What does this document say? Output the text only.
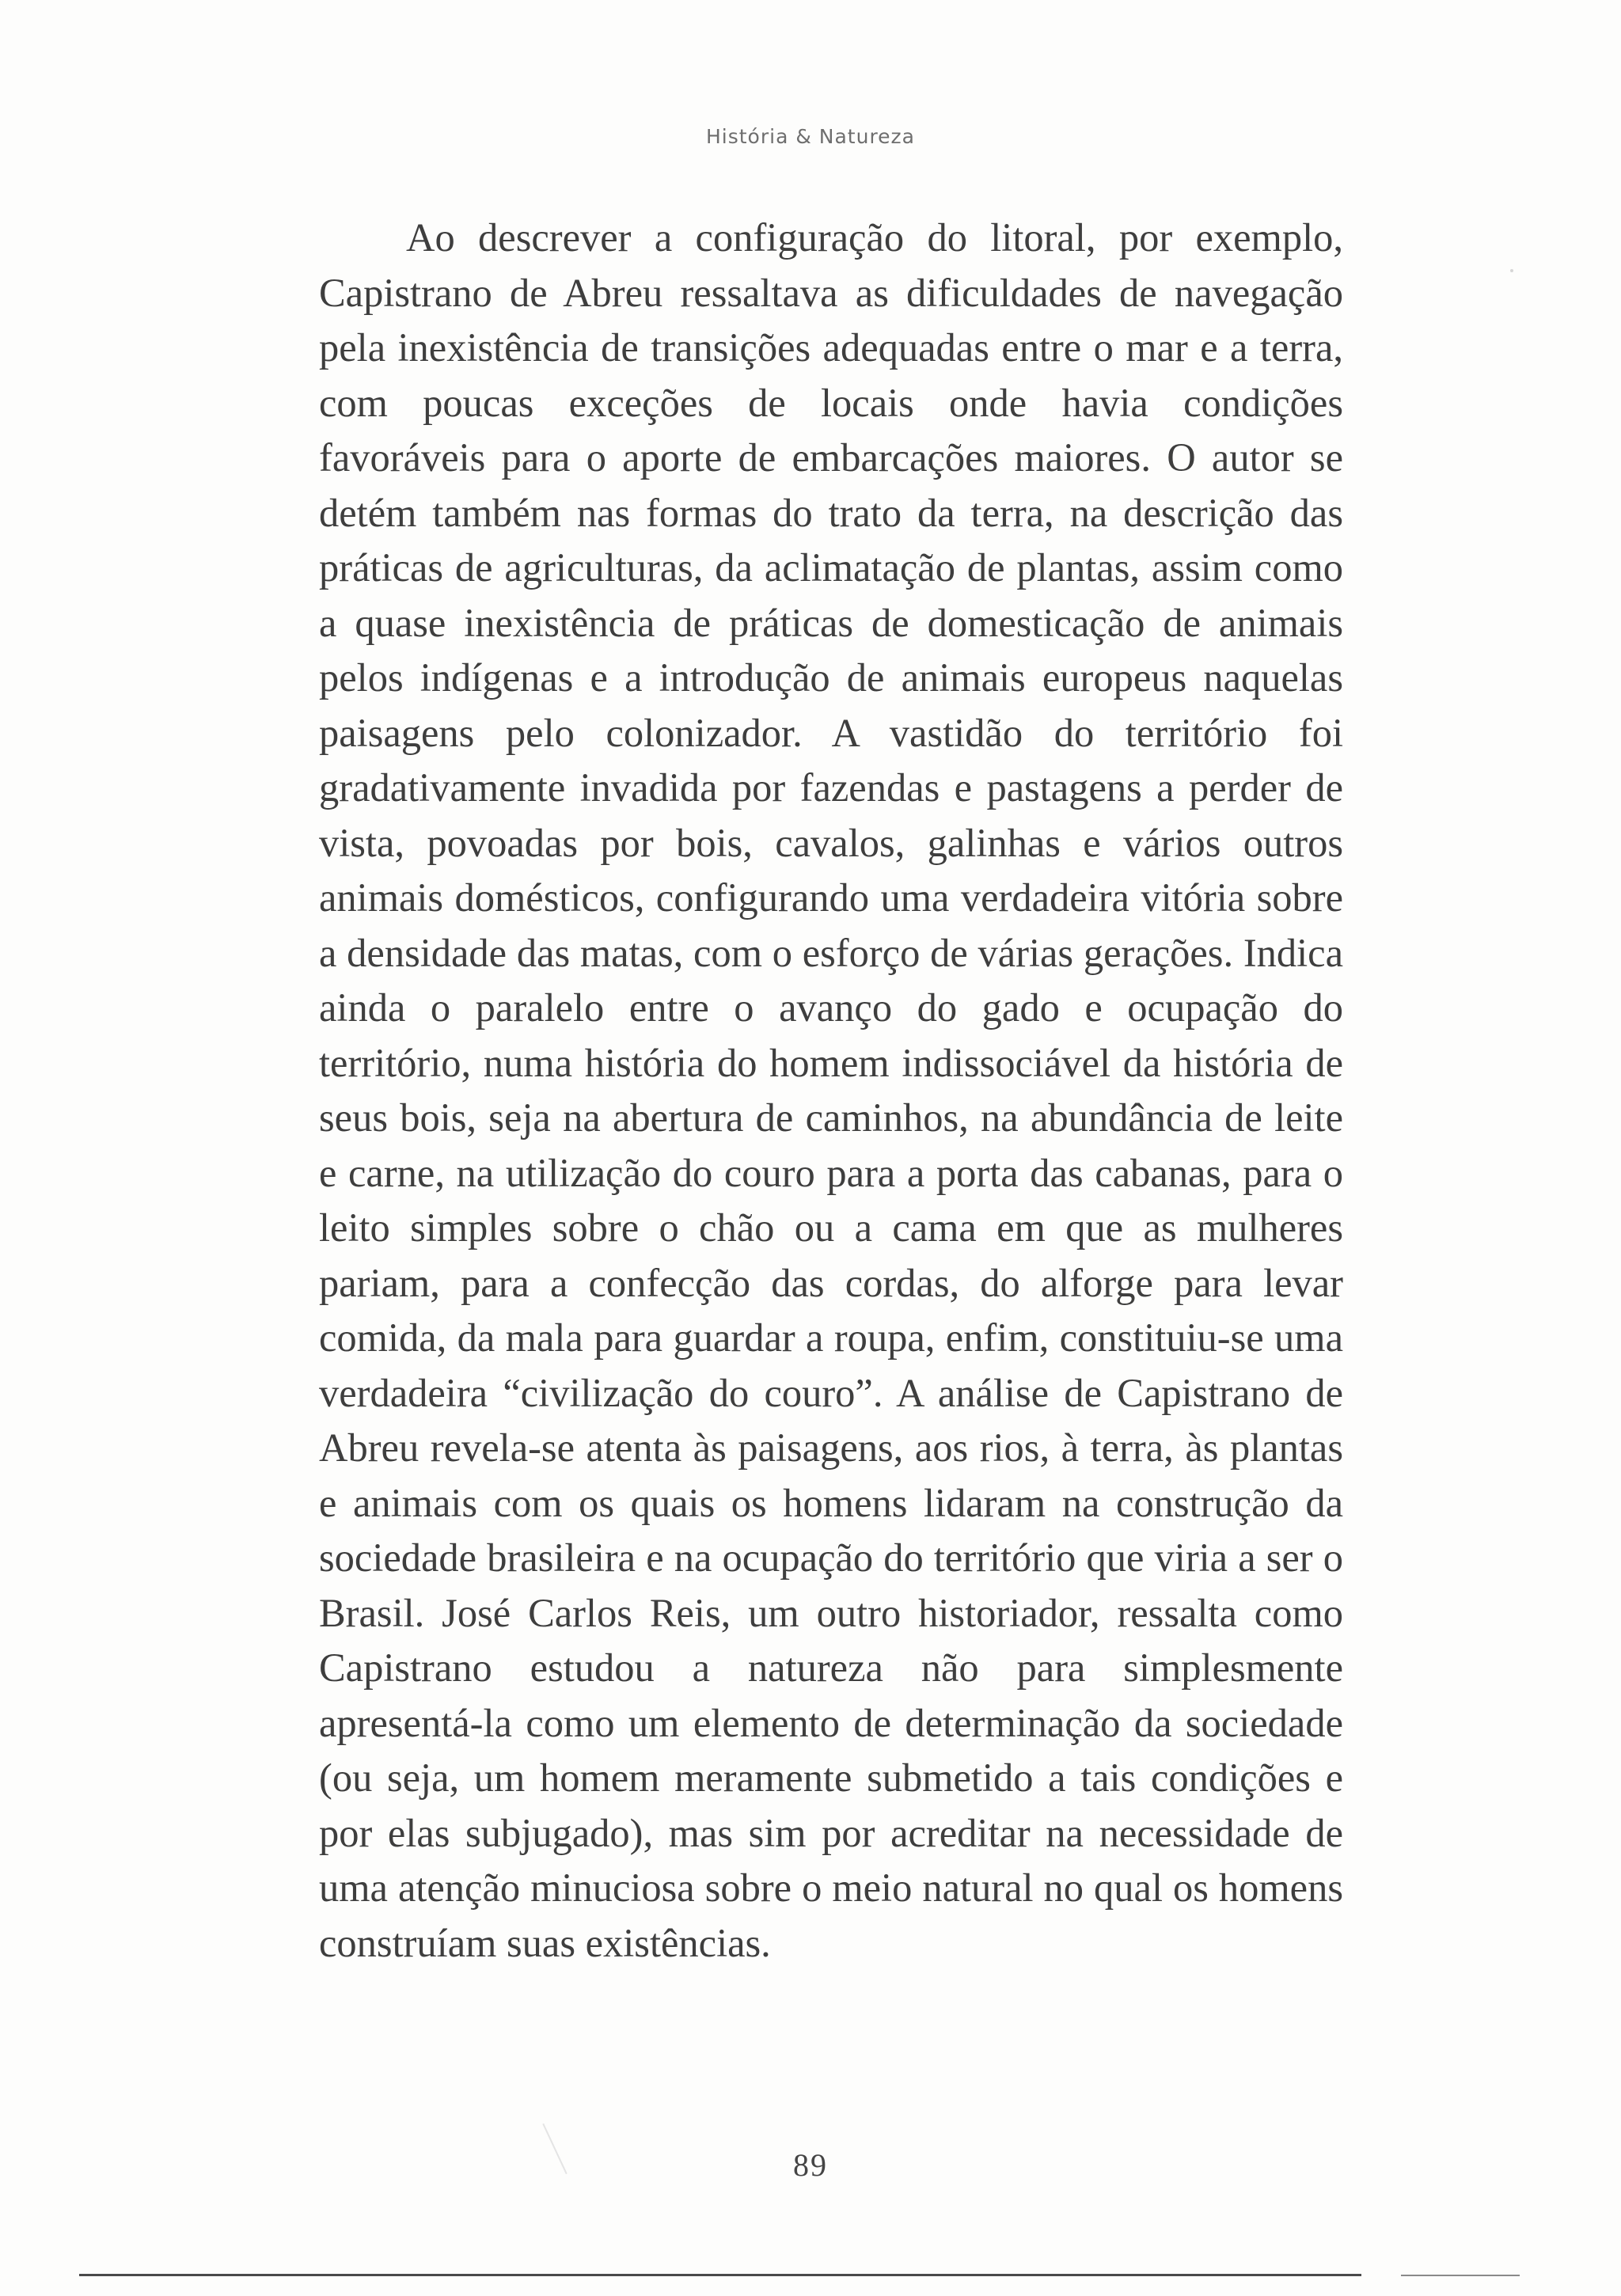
História & Natureza

Ao descrever a configuração do litoral, por exemplo, Capistrano de Abreu ressaltava as dificuldades de navegação pela inexistência de transições adequadas entre o mar e a terra, com poucas exceções de locais onde havia condições favoráveis para o aporte de embarcações maiores. O autor se detém também nas formas do trato da terra, na descrição das práticas de agriculturas, da aclimatação de plantas, assim como a quase inexistência de práticas de domesticação de animais pelos indígenas e a introdução de animais europeus naquelas paisagens pelo colonizador. A vastidão do território foi gradativamente invadida por fazendas e pastagens a perder de vista, povoadas por bois, cavalos, galinhas e vários outros animais domésticos, configurando uma verdadeira vitória sobre a densidade das matas, com o esforço de várias gerações. Indica ainda o paralelo entre o avanço do gado e ocupação do território, numa história do homem indissociável da história de seus bois, seja na abertura de caminhos, na abundância de leite e carne, na utilização do couro para a porta das cabanas, para o leito simples sobre o chão ou a cama em que as mulheres pariam, para a confecção das cordas, do alforge para levar comida, da mala para guardar a roupa, enfim, constituiu-se uma verdadeira “civilização do couro”. A análise de Capistrano de Abreu revela-se atenta às paisagens, aos rios, à terra, às plantas e animais com os quais os homens lidaram na construção da sociedade brasileira e na ocupação do território que viria a ser o Brasil. José Carlos Reis, um outro historiador, ressalta como Capistrano estudou a natureza não para simplesmente apresentá-la como um elemento de determinação da sociedade (ou seja, um homem meramente submetido a tais condições e por elas subjugado), mas sim por acreditar na necessidade de uma atenção minuciosa sobre o meio natural no qual os homens construíam suas existências.

89
